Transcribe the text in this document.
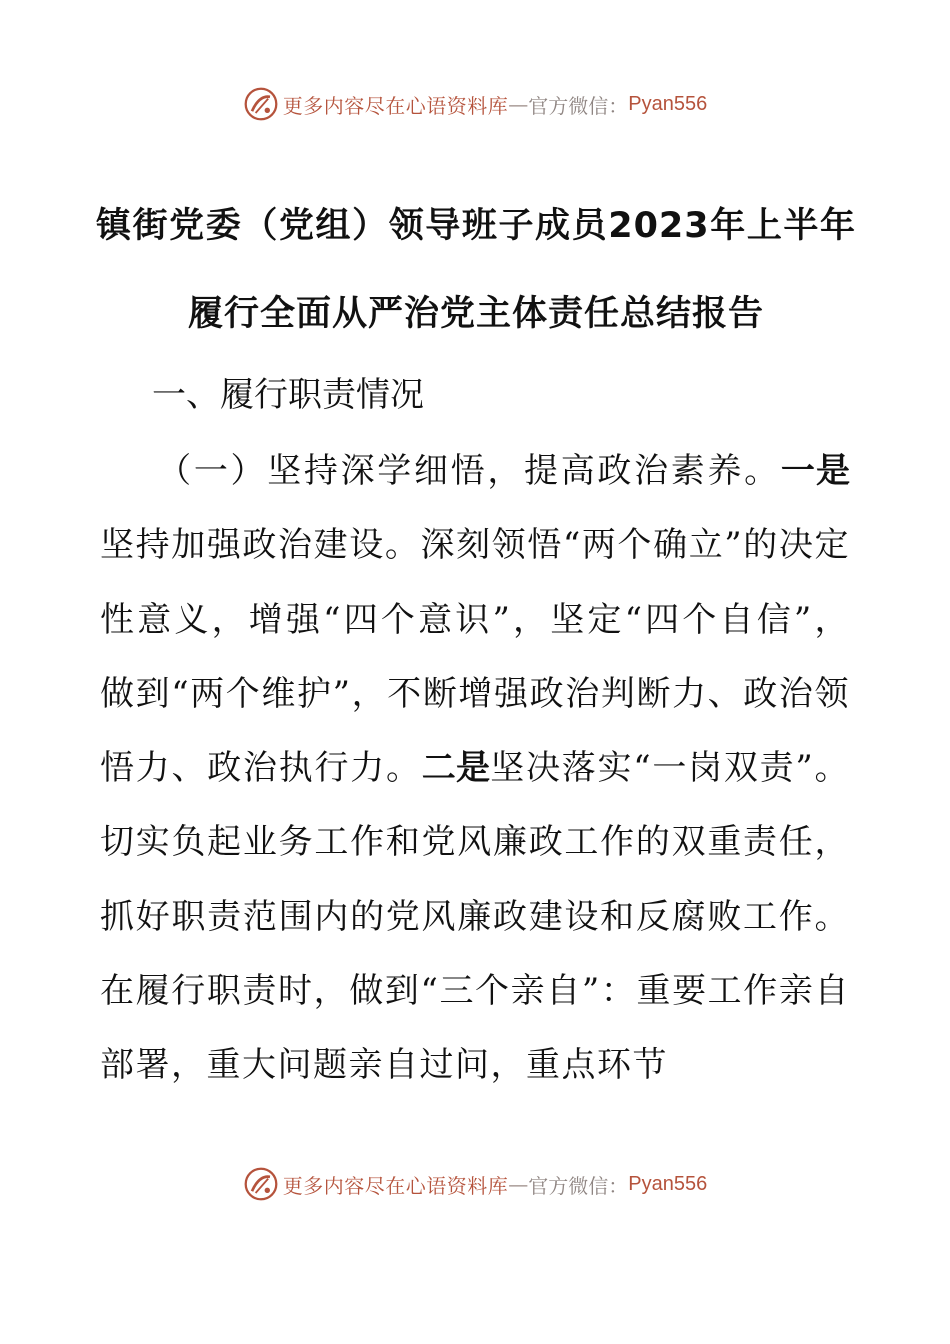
更多内容尽在心语资料库 — 官方微信： Pyan556
镇街党委（党组）领导班子成员2023年上半年履行全面从严治党主体责任总结报告
一、履行职责情况
（一）坚持深学细悟，提高政治素养。一是坚持加强政治建设。深刻领悟“两个确立”的决定性意义，增强“四个意识”，坚定“四个自信”，做到“两个维护”，不断增强政治判断力、政治领悟力、政治执行力。二是坚决落实“一岗双责”。切实负起业务工作和党风廉政工作的双重责任，抓好职责范围内的党风廉政建设和反腐败工作。在履行职责时，做到“三个亲自”：重要工作亲自部署，重大问题亲自过问，重点环节
更多内容尽在心语资料库 — 官方微信： Pyan556
